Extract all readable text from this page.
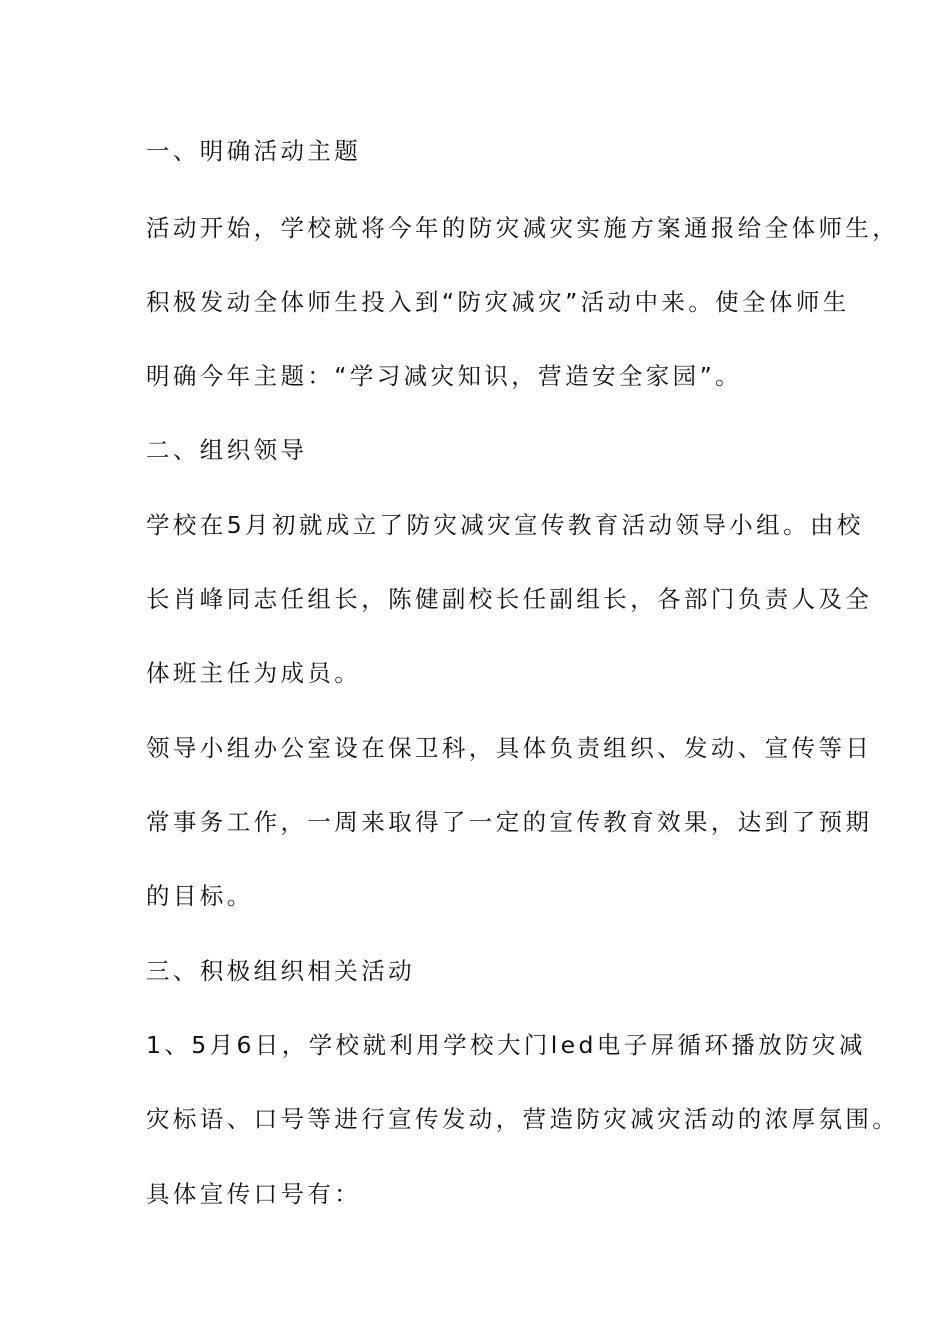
一、明确活动主题
活动开始，学校就将今年的防灾减灾实施方案通报给全体师生，
积极发动全体师生投入到“防灾减灾”活动中来。使全体师生
明确今年主题：“学习减灾知识，营造安全家园”。
二、组织领导
学校在5月初就成立了防灾减灾宣传教育活动领导小组。由校
长肖峰同志任组长，陈健副校长任副组长，各部门负责人及全
体班主任为成员。
领导小组办公室设在保卫科，具体负责组织、发动、宣传等日
常事务工作，一周来取得了一定的宣传教育效果，达到了预期
的目标。
三、积极组织相关活动
1、5月6日，学校就利用学校大门led电子屏循环播放防灾减
灾标语、口号等进行宣传发动，营造防灾减灾活动的浓厚氛围。
具体宣传口号有：
